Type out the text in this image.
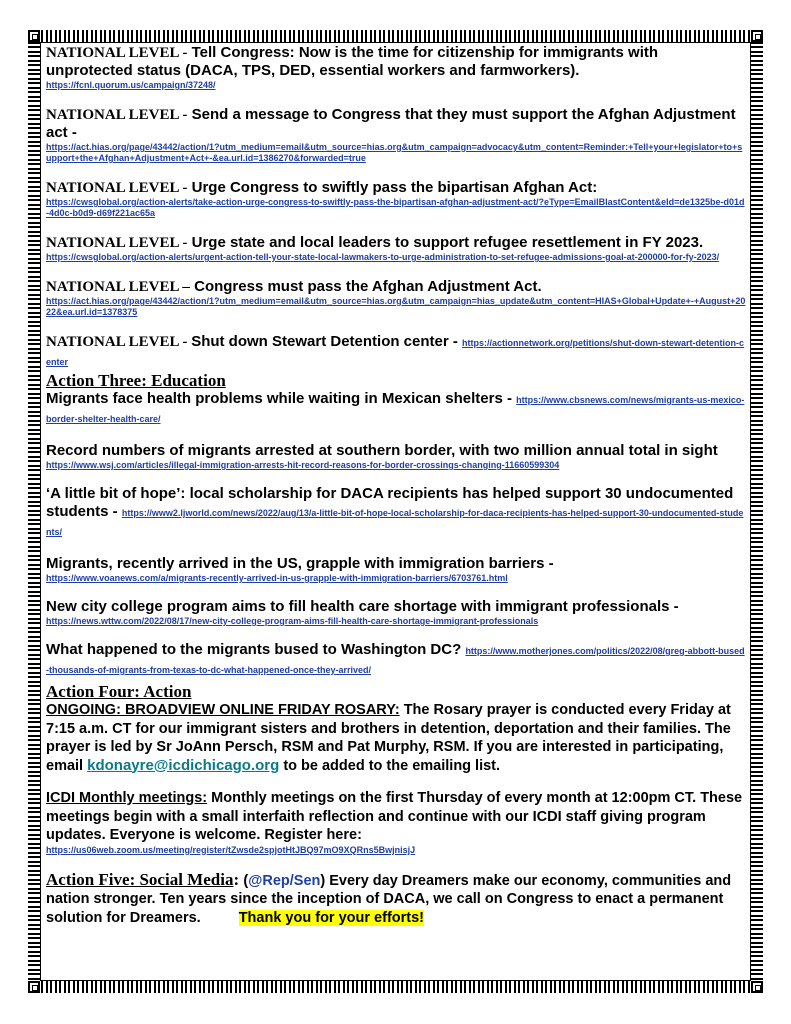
NATIONAL LEVEL - Tell Congress: Now is the time for citizenship for immigrants with unprotected status (DACA, TPS, DED, essential workers and farmworkers).
https://fcnl.quorum.us/campaign/37248/
NATIONAL LEVEL - Send a message to Congress that they must support the Afghan Adjustment act -
https://act.hias.org/page/43442/action/1?utm_medium=email&utm_source=hias.org&utm_campaign=advocacy&utm_content=Reminder:+Tell+your+legislator+to+support+the+Afghan+Adjustment+Act+-&ea.url.id=1386270&forwarded=true
NATIONAL LEVEL - Urge Congress to swiftly pass the bipartisan Afghan Act:
https://cwsglobal.org/action-alerts/take-action-urge-congress-to-swiftly-pass-the-bipartisan-afghan-adjustment-act/?eType=EmailBlastContent&eId=de1325be-d01d-4d0c-b0d9-d69f221ac65a
NATIONAL LEVEL - Urge state and local leaders to support refugee resettlement in FY 2023.
https://cwsglobal.org/action-alerts/urgent-action-tell-your-state-local-lawmakers-to-urge-administration-to-set-refugee-admissions-goal-at-200000-for-fy-2023/
NATIONAL LEVEL – Congress must pass the Afghan Adjustment Act.
https://act.hias.org/page/43442/action/1?utm_medium=email&utm_source=hias.org&utm_campaign=hias_update&utm_content=HIAS+Global+Update+-+August+2022&ea.url.id=1378375
NATIONAL LEVEL - Shut down Stewart Detention center - https://actionnetwork.org/petitions/shut-down-stewart-detention-center
Action Three: Education
Migrants face health problems while waiting in Mexican shelters - https://www.cbsnews.com/news/migrants-us-mexico-border-shelter-health-care/
Record numbers of migrants arrested at southern border, with two million annual total in sight
https://www.wsj.com/articles/illegal-immigration-arrests-hit-record-reasons-for-border-crossings-changing-11660599304
‘A little bit of hope’: local scholarship for DACA recipients has helped support 30 undocumented students - https://www2.ljworld.com/news/2022/aug/13/a-little-bit-of-hope-local-scholarship-for-daca-recipients-has-helped-support-30-undocumented-students/
Migrants, recently arrived in the US, grapple with immigration barriers -
https://www.voanews.com/a/migrants-recently-arrived-in-us-grapple-with-immigration-barriers/6703761.html
New city college program aims to fill health care shortage with immigrant professionals -
https://news.wttw.com/2022/08/17/new-city-college-program-aims-fill-health-care-shortage-immigrant-professionals
What happened to the migrants bused to Washington DC? https://www.motherjones.com/politics/2022/08/greg-abbott-bused-thousands-of-migrants-from-texas-to-dc-what-happened-once-they-arrived/
Action Four: Action
ONGOING: BROADVIEW ONLINE FRIDAY ROSARY: The Rosary prayer is conducted every Friday at 7:15 a.m. CT for our immigrant sisters and brothers in detention, deportation and their families. The prayer is led by Sr JoAnn Persch, RSM and Pat Murphy, RSM. If you are interested in participating, email kdonayre@icdichicago.org to be added to the emailing list.
ICDI Monthly meetings: Monthly meetings on the first Thursday of every month at 12:00pm CT. These meetings begin with a small interfaith reflection and continue with our ICDI staff giving program updates. Everyone is welcome. Register here:
https://us06web.zoom.us/meeting/register/tZwsde2spjotHtJBQ97mO9XQRns5BwjnisjJ
Action Five: Social Media: (@Rep/Sen) Every day Dreamers make our economy, communities and nation stronger. Ten years since the inception of DACA, we call on Congress to enact a permanent solution for Dreamers.	Thank you for your efforts!
